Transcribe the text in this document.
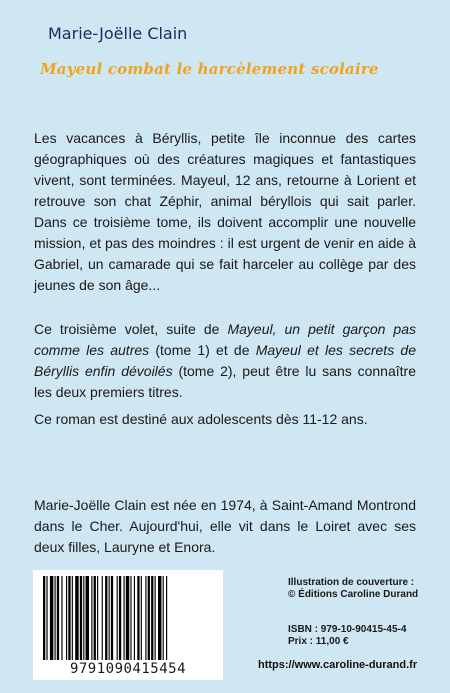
Marie-Joëlle Clain
Mayeul combat le harcèlement scolaire

Les vacances à Béryllis, petite île inconnue des cartes géographiques où des créatures magiques et fantastiques vivent, sont terminées. Mayeul, 12 ans, retourne à Lorient et retrouve son chat Zéphir, animal béryllois qui sait parler. Dans ce troisième tome, ils doivent accomplir une nouvelle mission, et pas des moindres : il est urgent de venir en aide à Gabriel, un camarade qui se fait harceler au collège par des jeunes de son âge...

Ce troisième volet, suite de Mayeul, un petit garçon pas comme les autres (tome 1) et de Mayeul et les secrets de Béryllis enfin dévoilés (tome 2), peut être lu sans connaître les deux premiers titres.

Ce roman est destiné aux adolescents dès 11-12 ans.

Marie-Joëlle Clain est née en 1974, à Saint-Amand Montrond dans le Cher. Aujourd'hui, elle vit dans le Loiret avec ses deux filles, Lauryne et Enora.

9791090415454
Illustration de couverture :
© Éditions Caroline Durand
ISBN : 979-10-90415-45-4
Prix : 11,00 €
https://www.caroline-durand.fr
